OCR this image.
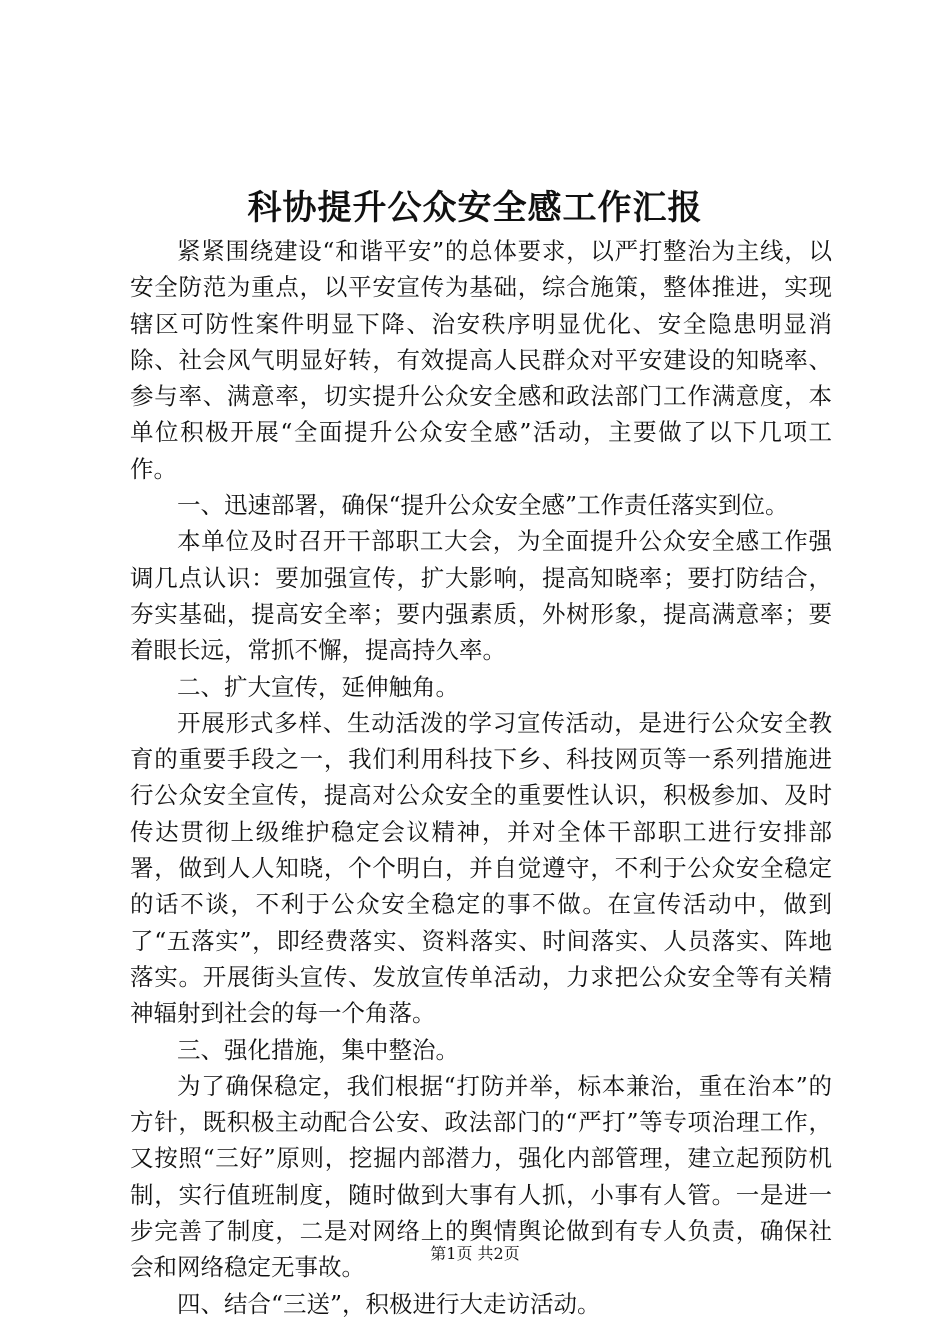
科协提升公众安全感工作汇报

紧紧围绕建设“和谐平安”的总体要求，以严打整治为主线，以安全防范为重点，以平安宣传为基础，综合施策，整体推进，实现辖区可防性案件明显下降、治安秩序明显优化、安全隐患明显消除、社会风气明显好转，有效提高人民群众对平安建设的知晓率、参与率、满意率，切实提升公众安全感和政法部门工作满意度，本单位积极开展“全面提升公众安全感”活动，主要做了以下几项工作。

一、迅速部署，确保“提升公众安全感”工作责任落实到位。

本单位及时召开干部职工大会，为全面提升公众安全感工作强调几点认识：要加强宣传，扩大影响，提高知晓率；要打防结合，夯实基础，提高安全率；要内强素质，外树形象，提高满意率；要着眼长远，常抓不懈，提高持久率。

二、扩大宣传，延伸触角。

开展形式多样、生动活泼的学习宣传活动，是进行公众安全教育的重要手段之一，我们利用科技下乡、科技网页等一系列措施进行公众安全宣传，提高对公众安全的重要性认识，积极参加、及时传达贯彻上级维护稳定会议精神，并对全体干部职工进行安排部署，做到人人知晓，个个明白，并自觉遵守，不利于公众安全稳定的话不谈，不利于公众安全稳定的事不做。在宣传活动中，做到了“五落实”，即经费落实、资料落实、时间落实、人员落实、阵地落实。开展街头宣传、发放宣传单活动，力求把公众安全等有关精神辐射到社会的每一个角落。

三、强化措施，集中整治。

为了确保稳定，我们根据“打防并举，标本兼治，重在治本”的方针，既积极主动配合公安、政法部门的“严打”等专项治理工作，又按照“三好”原则，挖掘内部潜力，强化内部管理，建立起预防机制，实行值班制度，随时做到大事有人抓，小事有人管。一是进一步完善了制度，二是对网络上的舆情舆论做到有专人负责，确保社会和网络稳定无事故。

四、结合“三送”，积极进行大走访活动。

第1页 共2页
